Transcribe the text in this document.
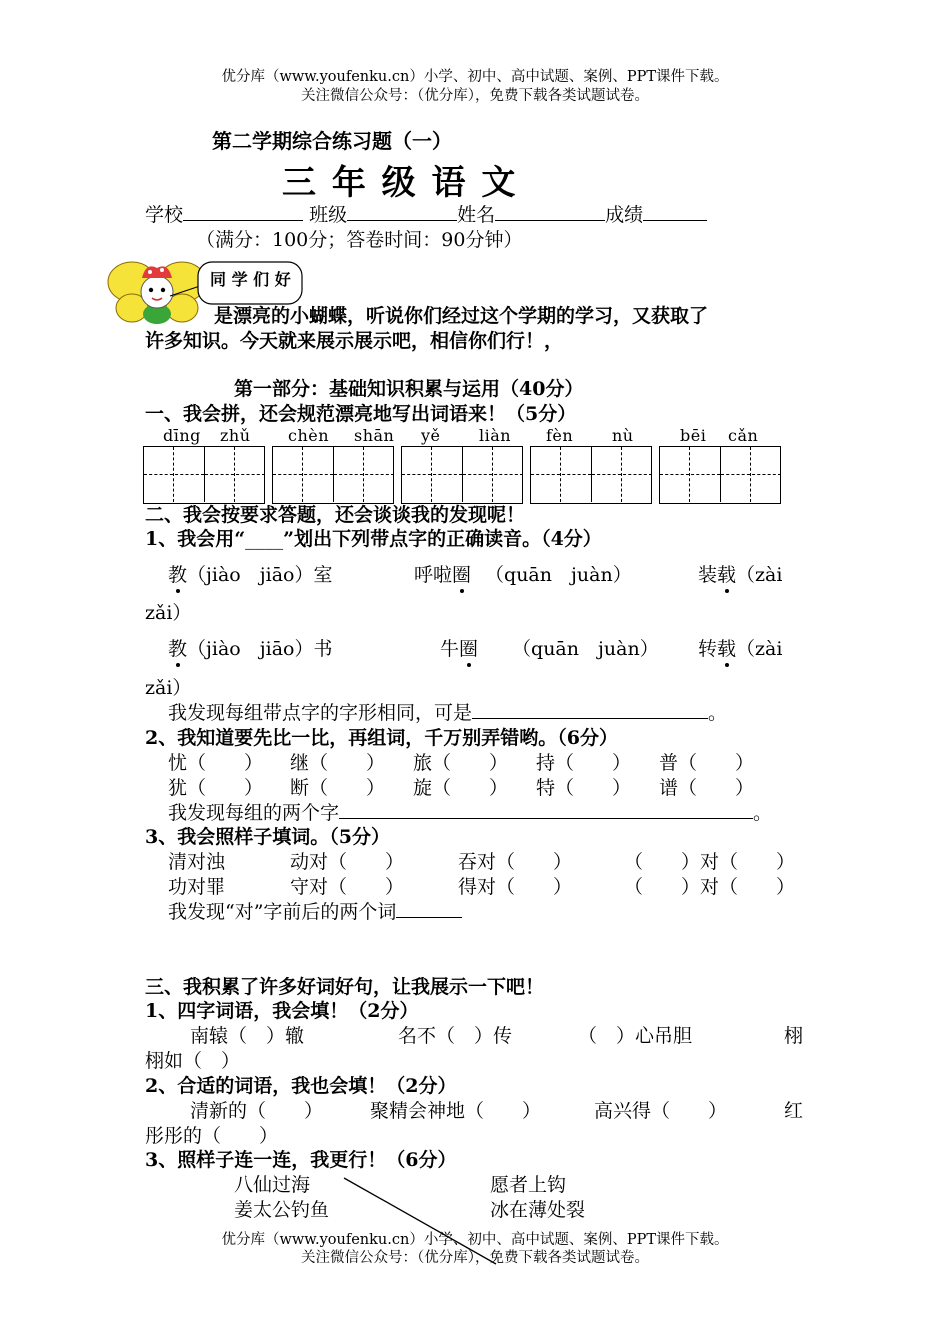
优分库（www.youfenku.cn）小学、初中、高中试题、案例、PPT课件下载。
关注微信公众号：（优分库），免费下载各类试题试卷。
第二学期综合练习题（一）
三 年 级 语 文
学校	班级	姓名	成绩
（满分：100分；答卷时间：90分钟）
同 学 们 好
是漂亮的小蝴蝶，听说你们经过这个学期的学习，又获取了
许多知识。今天就来展示展示吧，相信你们行！，
第一部分：基础知识积累与运用（40分）
一、我会拼，还会规范漂亮地写出词语来！（5分）
dīng zhǔ chèn shān yě liàn fèn nù	bēi cǎn
二、我会按要求答题，还会谈谈我的发现呢！
1、我会用“____”划出下列带点字的正确读音。（4分）
教（jiào　jiāo）室	呼啦圈 （quān　juàn）	装载（zài
zǎi）
教（jiào　jiāo）书	牛圈 （quān　juàn） 转载（zài
zǎi）
我发现每组带点字的字形相同，可是	。
2、我知道要先比一比，再组词，千万别弄错哟。（6分）
忧（　　） 继（　　） 旅（　　） 持（　　） 普（　　）
犹（　　） 断（　　） 旋（　　） 特（　　） 谱（　　）
我发现每组的两个字	。
3、我会照样子填词。（5分）
清对浊	动对（　　）	吞对（　　）	（　　）对（　　）
功对罪	守对（　　）	得对（　　）	（　　）对（　　）
我发现“对”字前后的两个词
三、我积累了许多好词好句，让我展示一下吧！
1、四字词语，我会填！（2分）
南辕（　）辙	名不（　）传	（　）心吊胆	栩
栩如（　）
2、合适的词语，我也会填！（2分）
清新的（　　） 聚精会神地（　　）	高兴得（　　）	红
彤彤的（　　）
3、照样子连一连，我更行！（6分）
八仙过海
姜太公钓鱼
愿者上钩
冰在薄处裂
优分库（www.youfenku.cn）小学、初中、高中试题、案例、PPT课件下载。
关注微信公众号：（优分库），免费下载各类试题试卷。
